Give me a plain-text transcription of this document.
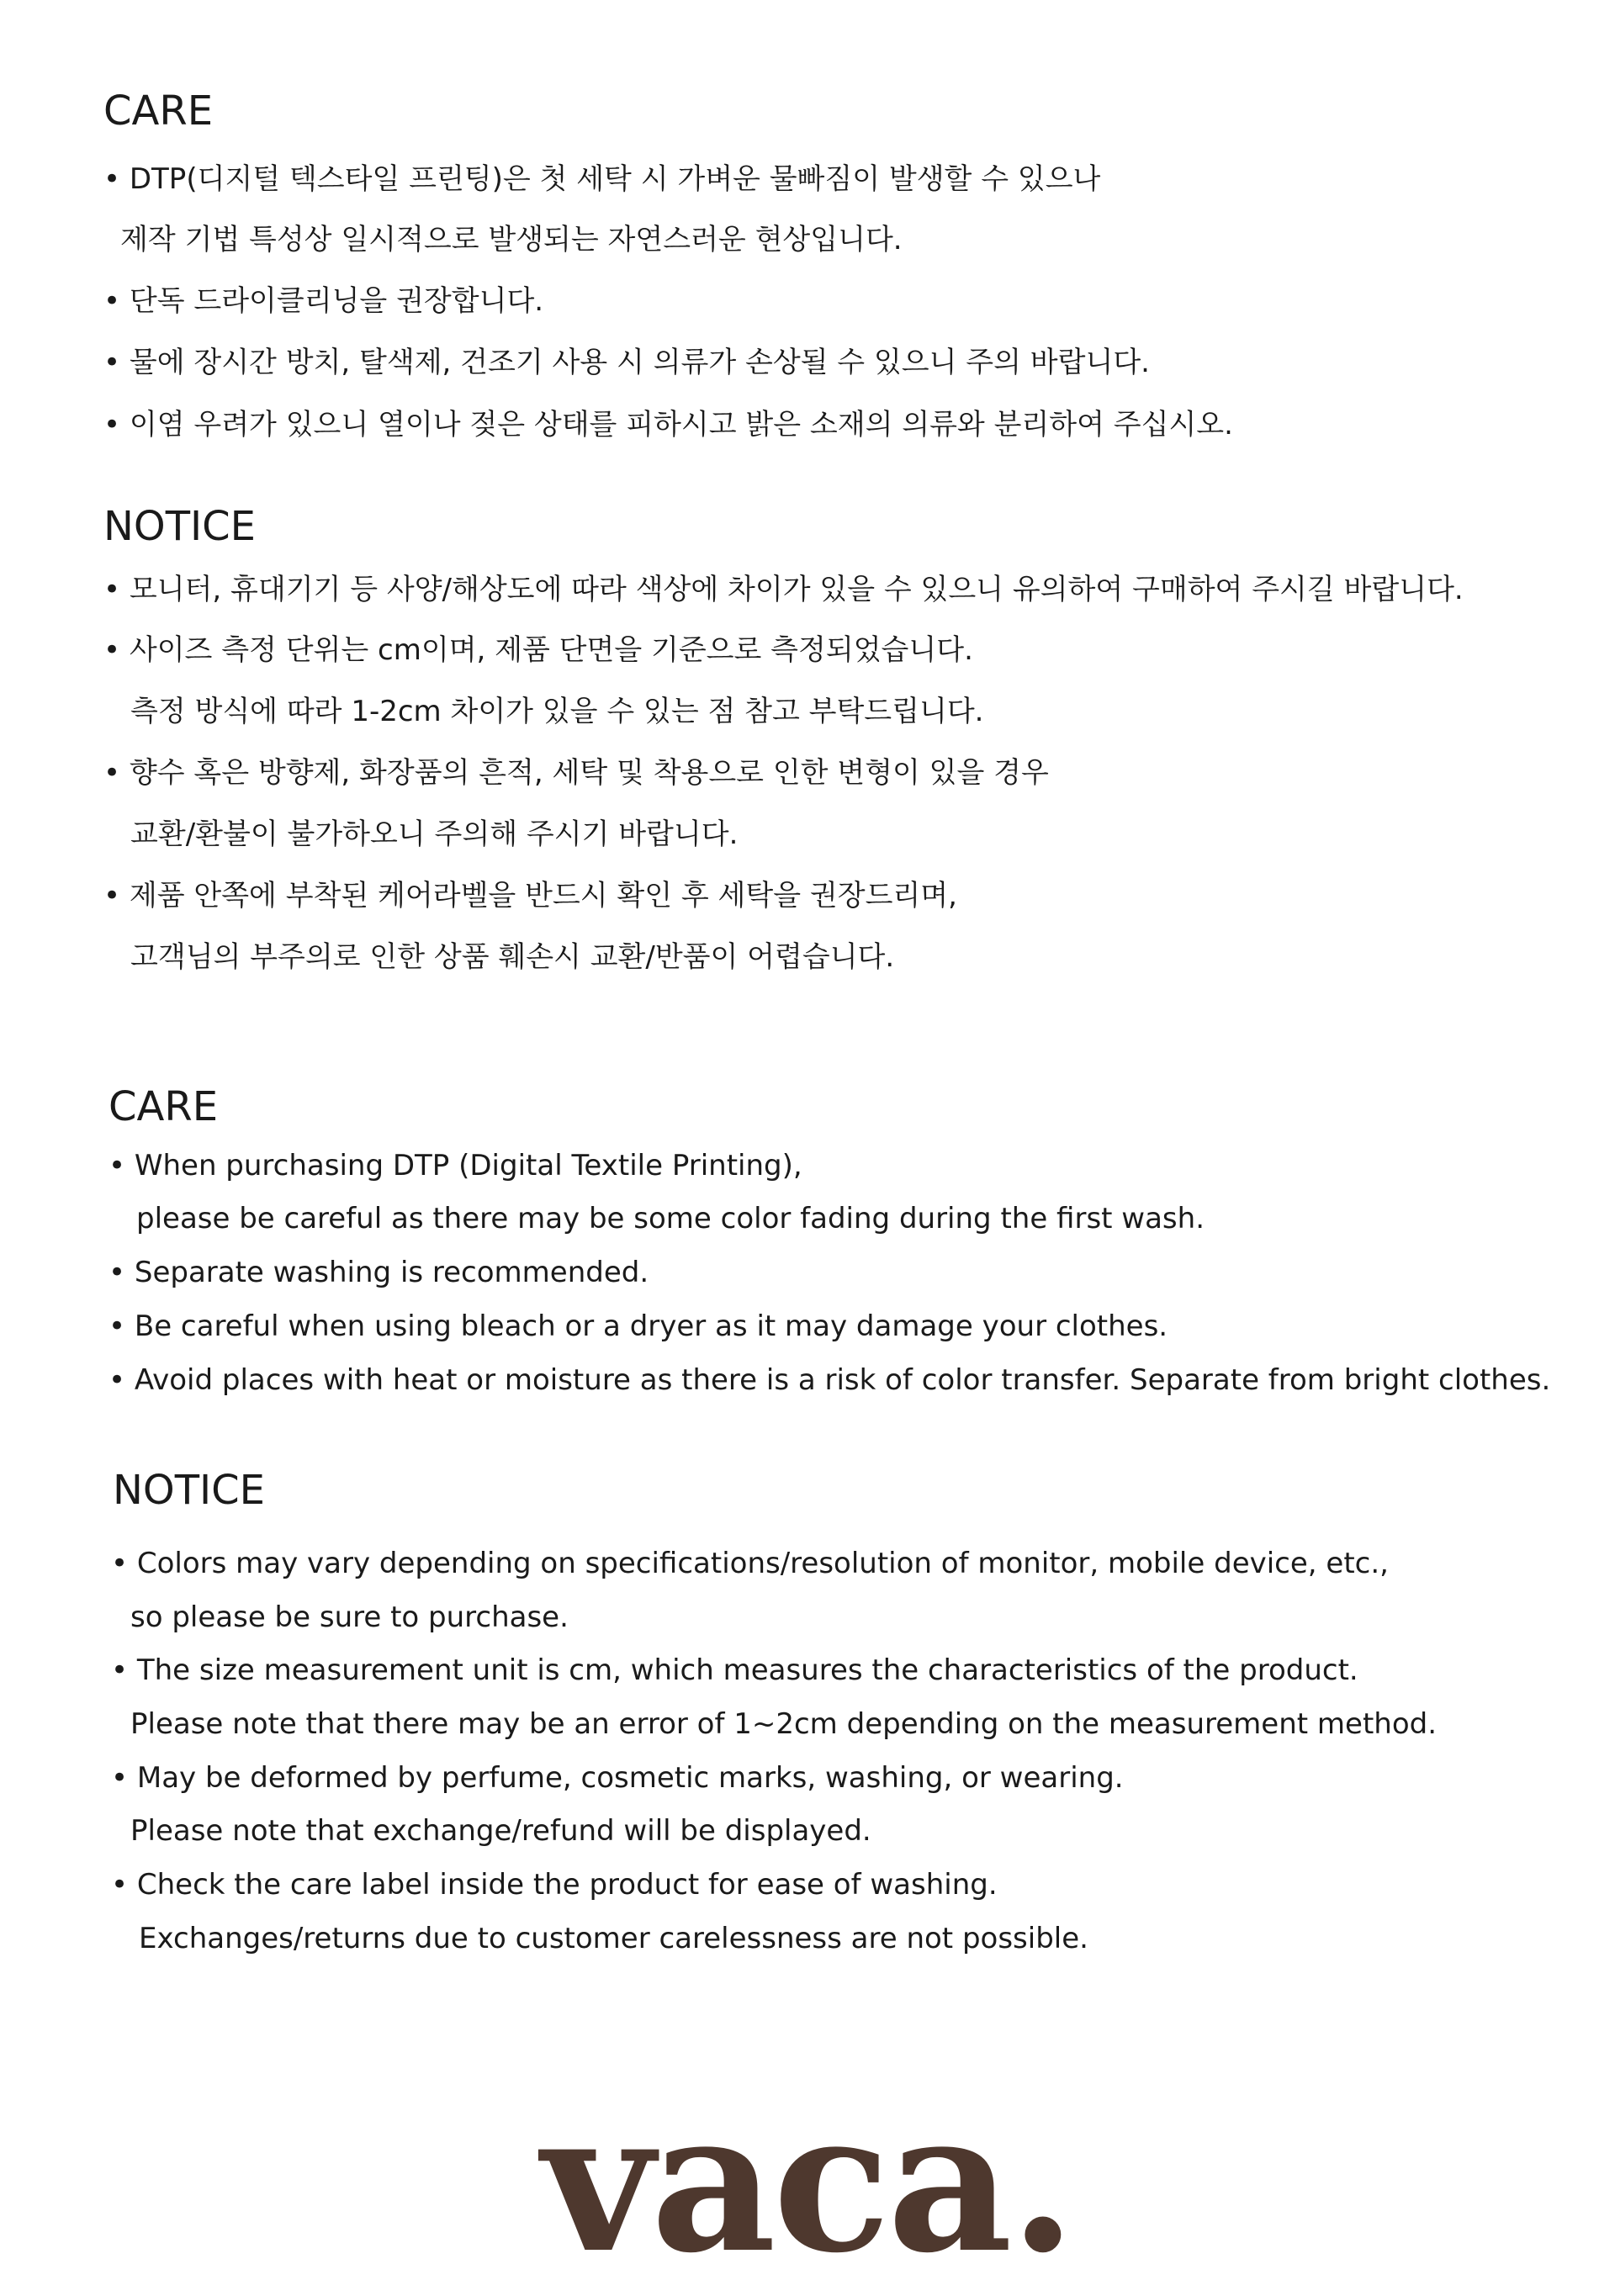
CARE
• DTP(디지털 텍스타일 프린팅)은 첫 세탁 시 가벼운 물빠짐이 발생할 수 있으나
제작 기법 특성상 일시적으로 발생되는 자연스러운 현상입니다.
• 단독 드라이클리닝을 권장합니다.
• 물에 장시간 방치, 탈색제, 건조기 사용 시 의류가 손상될 수 있으니 주의 바랍니다.
• 이염 우려가 있으니 열이나 젖은 상태를 피하시고 밝은 소재의 의류와 분리하여 주십시오.
NOTICE
• 모니터, 휴대기기 등 사양/해상도에 따라 색상에 차이가 있을 수 있으니 유의하여 구매하여 주시길 바랍니다.
• 사이즈 측정 단위는 cm이며, 제품 단면을 기준으로 측정되었습니다.
측정 방식에 따라 1-2cm 차이가 있을 수 있는 점 참고 부탁드립니다.
• 향수 혹은 방향제, 화장품의 흔적, 세탁 및 착용으로 인한 변형이 있을 경우
교환/환불이 불가하오니 주의해 주시기 바랍니다.
• 제품 안쪽에 부착된 케어라벨을 반드시 확인 후 세탁을 권장드리며,
고객님의 부주의로 인한 상품 훼손시 교환/반품이 어렵습니다.
CARE
• When purchasing DTP (Digital Textile Printing),
please be careful as there may be some color fading during the first wash.
• Separate washing is recommended.
• Be careful when using bleach or a dryer as it may damage your clothes.
• Avoid places with heat or moisture as there is a risk of color transfer. Separate from bright clothes.
NOTICE
• Colors may vary depending on specifications/resolution of monitor, mobile device, etc.,
so please be sure to purchase.
• The size measurement unit is cm, which measures the characteristics of the product.
Please note that there may be an error of 1~2cm depending on the measurement method.
• May be deformed by perfume, cosmetic marks, washing, or wearing.
Please note that exchange/refund will be displayed.
• Check the care label inside the product for ease of washing.
Exchanges/returns due to customer carelessness are not possible.
vaca.
